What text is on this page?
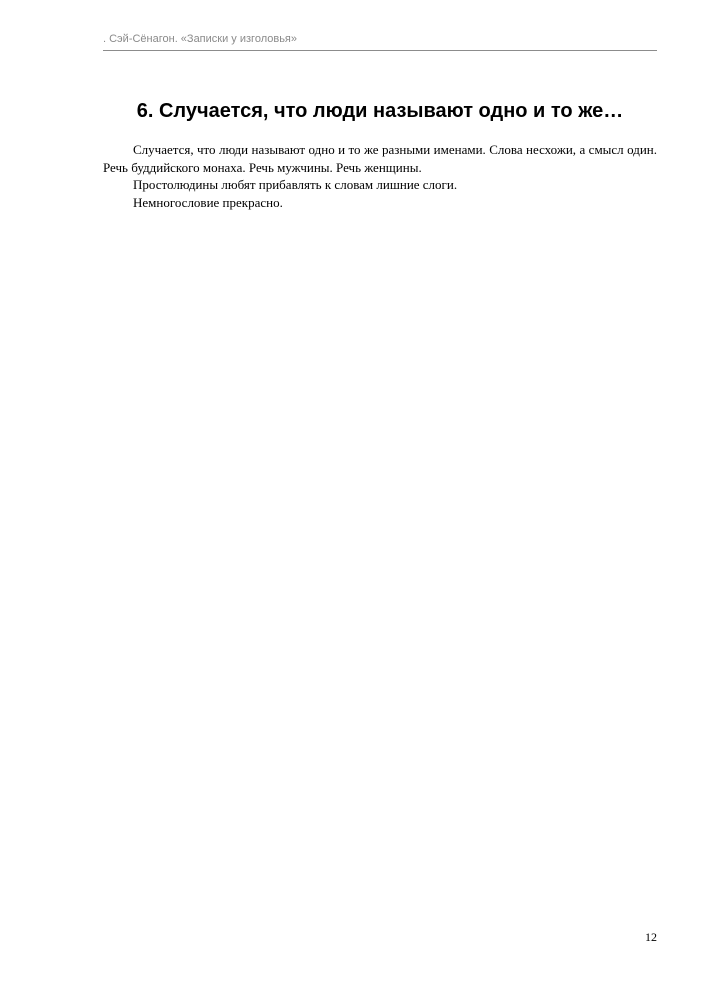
. Сэй-Сёнагон. «Записки у изголовья»
6. Случается, что люди называют одно и то же…

Случается, что люди называют одно и то же разными именами. Слова несхожи, а смысл один. Речь буддийского монаха. Речь мужчины. Речь женщины.

Простолюдины любят прибавлять к словам лишние слоги.

Немногословие прекрасно.

12
